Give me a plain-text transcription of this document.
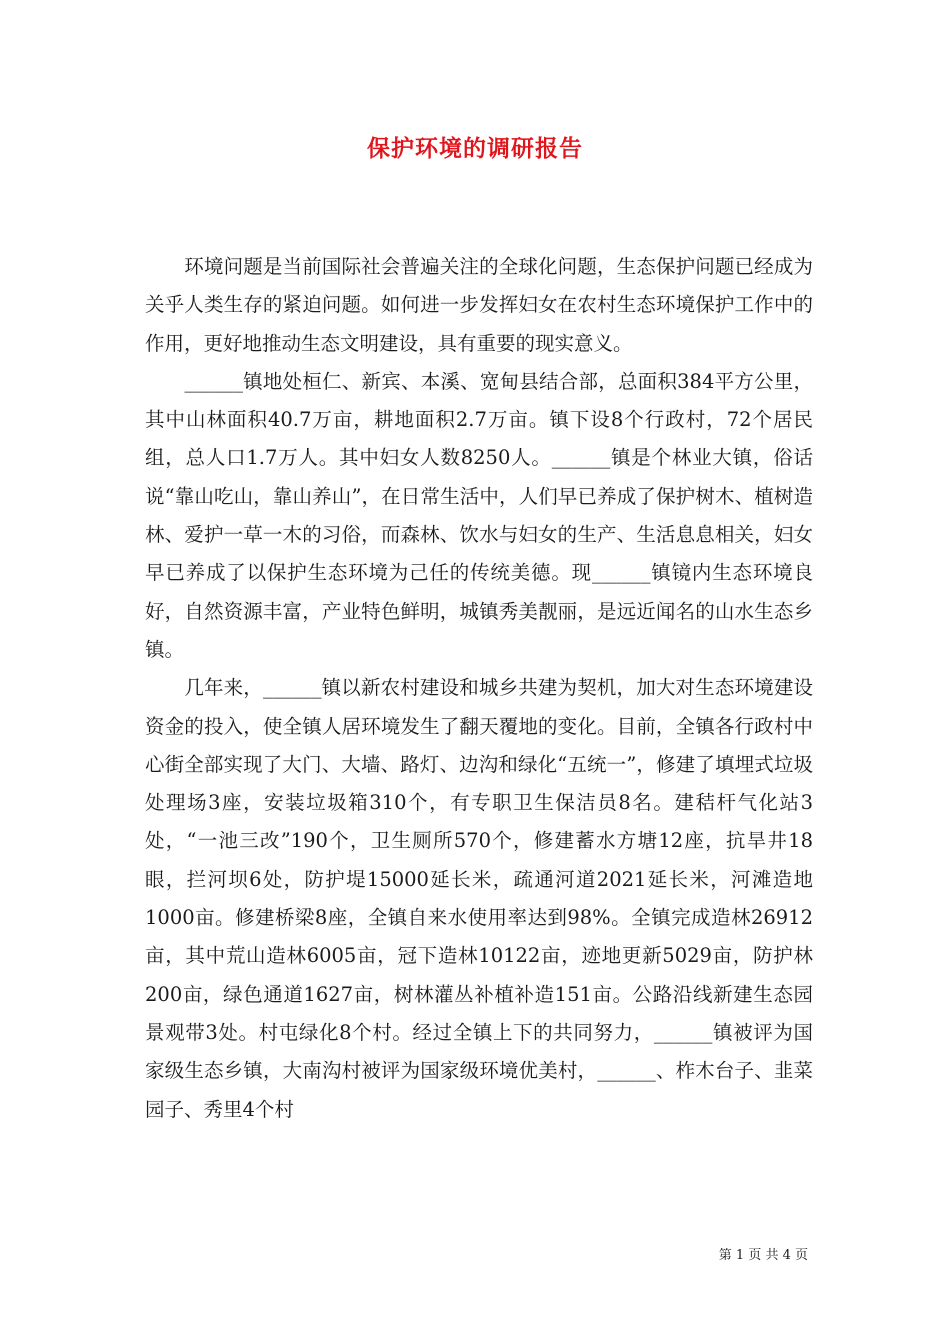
保护环境的调研报告

　　环境问题是当前国际社会普遍关注的全球化问题，生态保护问题已经成为关乎人类生存的紧迫问题。如何进一步发挥妇女在农村生态环境保护工作中的作用，更好地推动生态文明建设，具有重要的现实意义。

　　______镇地处桓仁、新宾、本溪、宽甸县结合部，总面积384平方公里，其中山林面积40.7万亩，耕地面积2.7万亩。镇下设8个行政村，72个居民组，总人口1.7万人。其中妇女人数8250人。______镇是个林业大镇，俗话说“靠山吃山，靠山养山”，在日常生活中，人们早已养成了保护树木、植树造林、爱护一草一木的习俗，而森林、饮水与妇女的生产、生活息息相关，妇女早已养成了以保护生态环境为己任的传统美德。现______镇镜内生态环境良好，自然资源丰富，产业特色鲜明，城镇秀美靓丽，是远近闻名的山水生态乡镇。

　　几年来，______镇以新农村建设和城乡共建为契机，加大对生态环境建设资金的投入，使全镇人居环境发生了翻天覆地的变化。目前，全镇各行政村中心街全部实现了大门、大墙、路灯、边沟和绿化“五统一”，修建了填埋式垃圾处理场3座，安装垃圾箱310个，有专职卫生保洁员8名。建秸杆气化站3处，“一池三改”190个，卫生厕所570个，修建蓄水方塘12座，抗旱井18眼，拦河坝6处，防护堤15000延长米，疏通河道2021延长米，河滩造地1000亩。修建桥梁8座，全镇自来水使用率达到98%。全镇完成造林26912亩，其中荒山造林6005亩，冠下造林10122亩，迹地更新5029亩，防护林200亩，绿色通道1627亩，树林灌丛补植补造151亩。公路沿线新建生态园景观带3处。村屯绿化8个村。经过全镇上下的共同努力，______镇被评为国家级生态乡镇，大南沟村被评为国家级环境优美村，______、柞木台子、韭菜园子、秀里4个村

第 1 页 共 4 页
